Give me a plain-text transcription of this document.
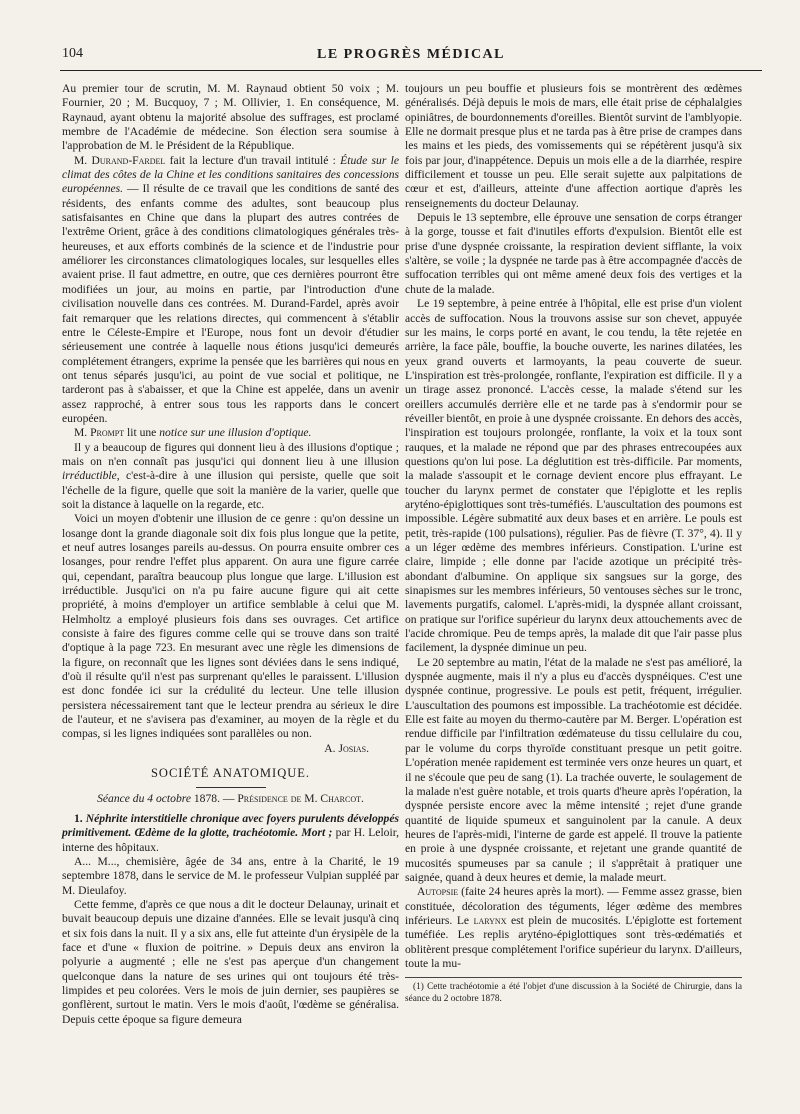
104	LE PROGRÈS MÉDICAL

Au premier tour de scrutin, M. M. Raynaud obtient 50 voix ; M. Fournier, 20 ; M. Bucquoy, 7 ; M. Ollivier, 1. En conséquence, M. Raynaud, ayant obtenu la majorité absolue des suffrages, est proclamé membre de l'Académie de médecine. Son élection sera soumise à l'approbation de M. le Président de la République.

M. Durand-Fardel fait la lecture d'un travail intitulé : Étude sur le climat des côtes de la Chine et les conditions sanitaires des concessions européennes. — Il résulte de ce travail que les conditions de santé des résidents, des enfants comme des adultes, sont beaucoup plus satisfaisantes en Chine que dans la plupart des autres contrées de l'extrême Orient, grâce à des conditions climatologiques générales très-heureuses, et aux efforts combinés de la science et de l'industrie pour améliorer les circonstances climatologiques locales, sur lesquelles elles avaient prise. Il faut admettre, en outre, que ces dernières pourront être modifiées un jour, au moins en partie, par l'introduction d'une civilisation nouvelle dans ces contrées. M. Durand-Fardel, après avoir fait remarquer que les relations directes, qui commencent à s'établir entre le Céleste-Empire et l'Europe, nous font un devoir d'étudier sérieusement une contrée à laquelle nous étions jusqu'ici demeurés complétement étrangers, exprime la pensée que les barrières qui nous en ont tenus séparés jusqu'ici, au point de vue social et politique, ne tarderont pas à s'abaisser, et que la Chine est appelée, dans un avenir assez rapproché, à entrer sous tous les rapports dans le concert européen.

M. Prompt lit une notice sur une illusion d'optique.

Il y a beaucoup de figures qui donnent lieu à des illusions d'optique ; mais on n'en connaît pas jusqu'ici qui donnent lieu à une illusion irréductible, c'est-à-dire à une illusion qui persiste, quelle que soit l'échelle de la figure, quelle que soit la manière de la varier, quelle que soit la distance à laquelle on la regarde, etc.

Voici un moyen d'obtenir une illusion de ce genre : qu'on dessine un losange dont la grande diagonale soit dix fois plus longue que la petite, et neuf autres losanges pareils au-dessus. On pourra ensuite ombrer ces losanges, pour rendre l'effet plus apparent. On aura une figure carrée qui, cependant, paraîtra beaucoup plus longue que large. L'illusion est irréductible. Jusqu'ici on n'a pu faire aucune figure qui ait cette propriété, à moins d'employer un artifice semblable à celui que M. Helmholtz a employé plusieurs fois dans ses ouvrages. Cet artifice consiste à faire des figures comme celle qui se trouve dans son traité d'optique à la page 723. En mesurant avec une règle les dimensions de la figure, on reconnaît que les lignes sont déviées dans le sens indiqué, d'où il résulte qu'il n'est pas surprenant qu'elles le paraissent. L'illusion est donc fondée ici sur la crédulité du lecteur. Une telle illusion persistera nécessairement tant que le lecteur prendra au sérieux le dire de l'auteur, et ne s'avisera pas d'examiner, au moyen de la règle et du compas, si les lignes indiquées sont parallèles ou non.

A. Josias.
SOCIÉTÉ ANATOMIQUE.
Séance du 4 octobre 1878. — Présidence de M. Charcot.

1. Néphrite interstitielle chronique avec foyers purulents développés primitivement. Œdème de la glotte, trachéotomie. Mort ; par H. Leloir, interne des hôpitaux.

A... M..., chemisière, âgée de 34 ans, entre à la Charité, le 19 septembre 1878, dans le service de M. le professeur Vulpian suppléé par M. Dieulafoy.

Cette femme, d'après ce que nous a dit le docteur Delaunay, urinait et buvait beaucoup depuis une dizaine d'années. Elle se levait jusqu'à cinq et six fois dans la nuit. Il y a six ans, elle fut atteinte d'un érysipèle de la face et d'une « fluxion de poitrine. » Depuis deux ans environ la polyurie a augmenté ; elle ne s'est pas aperçue d'un changement quelconque dans la nature de ses urines qui ont toujours été très-limpides et peu colorées. Vers le mois de juin dernier, ses paupières se gonflèrent, surtout le matin. Vers le mois d'août, l'œdème se généralisa. Depuis cette époque sa figure demeura

toujours un peu bouffie et plusieurs fois se montrèrent des œdèmes généralisés. Déjà depuis le mois de mars, elle était prise de céphalalgies opiniâtres, de bourdonnements d'oreilles. Bientôt survint de l'amblyopie. Elle ne dormait presque plus et ne tarda pas à être prise de crampes dans les mains et les pieds, des vomissements qui se répétèrent jusqu'à six fois par jour, d'inappétence. Depuis un mois elle a de la diarrhée, respire difficilement et tousse un peu. Elle serait sujette aux palpitations de cœur et est, d'ailleurs, atteinte d'une affection aortique d'après les renseignements du docteur Delaunay.

Depuis le 13 septembre, elle éprouve une sensation de corps étranger à la gorge, tousse et fait d'inutiles efforts d'expulsion. Bientôt elle est prise d'une dyspnée croissante, la respiration devient sifflante, la voix s'altère, se voile ; la dyspnée ne tarde pas à être accompagnée d'accès de suffocation terribles qui ont même amené deux fois des vertiges et la chute de la malade.

Le 19 septembre, à peine entrée à l'hôpital, elle est prise d'un violent accès de suffocation. Nous la trouvons assise sur son chevet, appuyée sur les mains, le corps porté en avant, le cou tendu, la tête rejetée en arrière, la face pâle, bouffie, la bouche ouverte, les narines dilatées, les yeux grand ouverts et larmoyants, la peau couverte de sueur. L'inspiration est très-prolongée, ronflante, l'expiration est difficile. Il y a un tirage assez prononcé. L'accès cesse, la malade s'étend sur les oreillers accumulés derrière elle et ne tarde pas à s'endormir pour se réveiller bientôt, en proie à une dyspnée croissante. En dehors des accès, l'inspiration est toujours prolongée, ronflante, la voix et la toux sont rauques, et la malade ne répond que par des phrases entrecoupées aux questions qu'on lui pose. La déglutition est très-difficile. Par moments, la malade s'assoupit et le cornage devient encore plus effrayant. Le toucher du larynx permet de constater que l'épiglotte et les replis aryténo-épiglottiques sont très-tuméfiés. L'auscultation des poumons est impossible. Légère submatité aux deux bases et en arrière. Le pouls est petit, très-rapide (100 pulsations), régulier. Pas de fièvre (T. 37°, 4). Il y a un léger œdème des membres inférieurs. Constipation. L'urine est claire, limpide ; elle donne par l'acide azotique un précipité très-abondant d'albumine. On applique six sangsues sur la gorge, des sinapismes sur les membres inférieurs, 50 ventouses sèches sur le tronc, lavements purgatifs, calomel. L'après-midi, la dyspnée allant croissant, on pratique sur l'orifice supérieur du larynx deux attouchements avec de l'acide chromique. Peu de temps après, la malade dit que l'air passe plus facilement, la dyspnée diminue un peu.

Le 20 septembre au matin, l'état de la malade ne s'est pas amélioré, la dyspnée augmente, mais il n'y a plus eu d'accès dyspnéiques. C'est une dyspnée continue, progressive. Le pouls est petit, fréquent, irrégulier. L'auscultation des poumons est impossible. La trachéotomie est décidée. Elle est faite au moyen du thermo-cautère par M. Berger. L'opération est rendue difficile par l'infiltration œdémateuse du tissu cellulaire du cou, par le volume du corps thyroïde constituant presque un petit goitre. L'opération menée rapidement est terminée vers onze heures un quart, et il ne s'écoule que peu de sang (1). La trachée ouverte, le soulagement de la malade n'est guère notable, et trois quarts d'heure après l'opération, la dyspnée persiste encore avec la même intensité ; rejet d'une grande quantité de liquide spumeux et sanguinolent par la canule. A deux heures de l'après-midi, l'interne de garde est appelé. Il trouve la patiente en proie à une dyspnée croissante, et rejetant une grande quantité de mucosités spumeuses par sa canule ; il s'apprêtait à pratiquer une saignée, quand à deux heures et demie, la malade meurt.

Autopsie (faite 24 heures après la mort). — Femme assez grasse, bien constituée, décoloration des téguments, léger œdème des membres inférieurs. Le larynx est plein de mucosités. L'épiglotte est fortement tuméfiée. Les replis aryténo-épiglottiques sont très-œdématiés et oblitèrent presque complétement l'orifice supérieur du larynx. D'ailleurs, toute la mu-

(1) Cette trachéotomie a été l'objet d'une discussion à la Société de Chirurgie, dans la séance du 2 octobre 1878.
